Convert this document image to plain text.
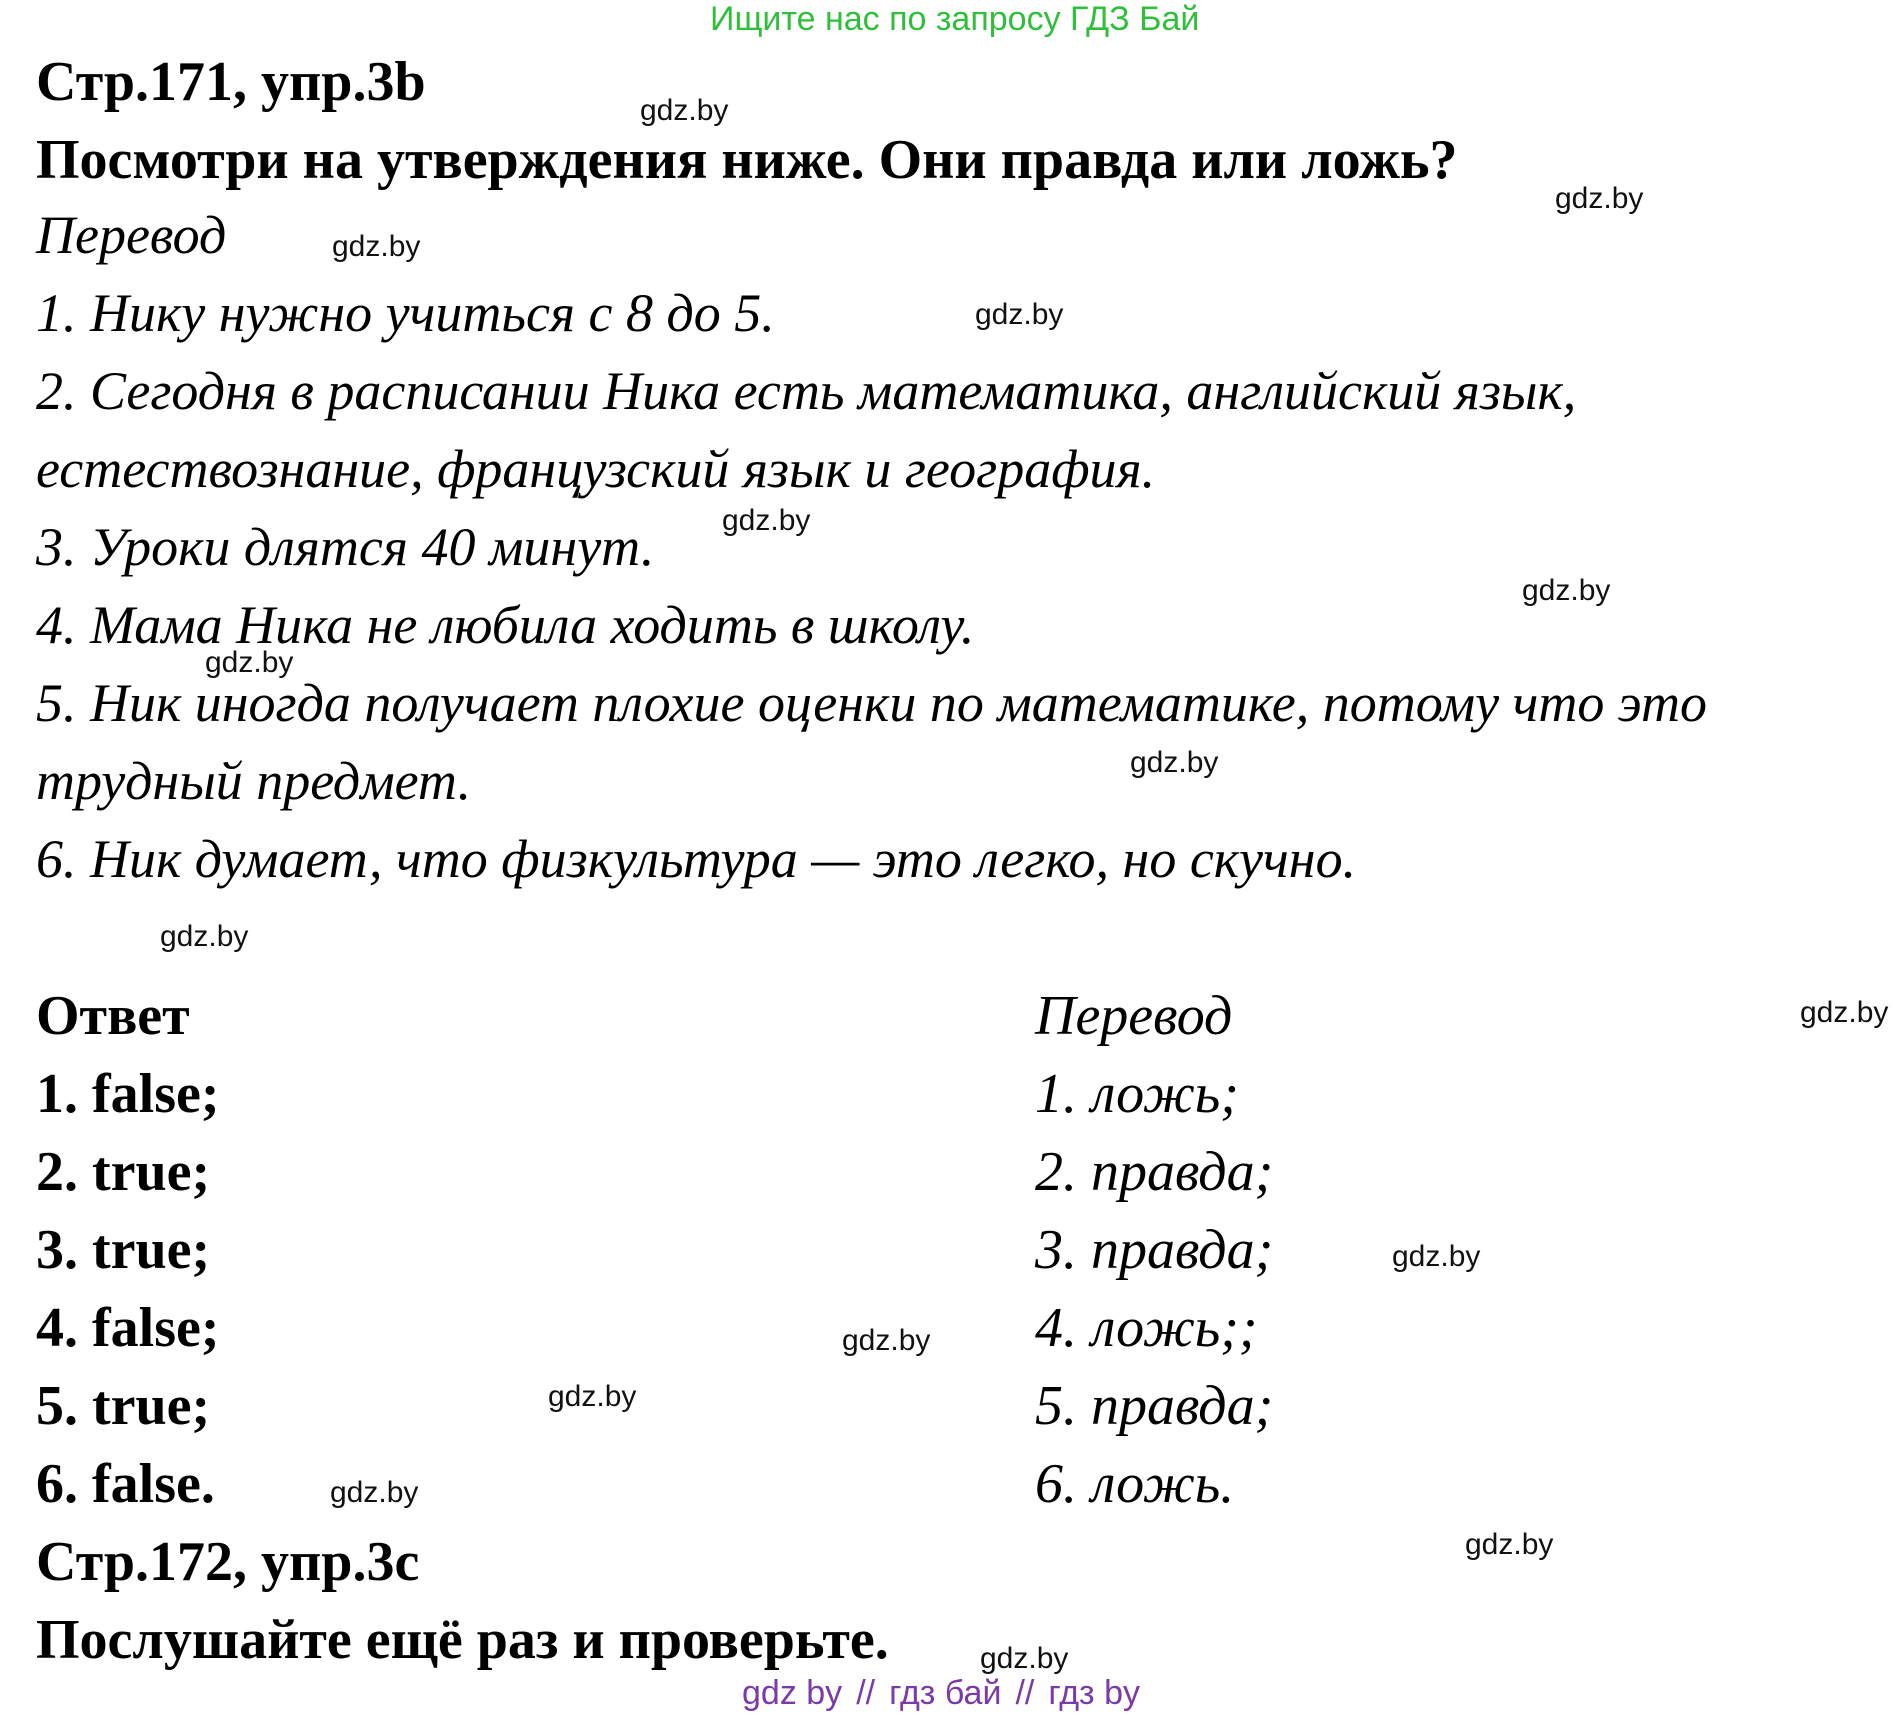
Ищите нас по запросу ГДЗ Бай
Стр.171, упр.3b
Посмотри на утверждения ниже. Они правда или ложь?
Перевод
1. Нику нужно учиться с 8 до 5.
2. Сегодня в расписании Ника есть математика, английский язык,
естествознание, французский язык и география.
3. Уроки длятся 40 минут.
4. Мама Ника не любила ходить в школу.
5. Ник иногда получает плохие оценки по математике, потому что это
трудный предмет.
6. Ник думает, что физкультура — это легко, но скучно.
Ответ	Перевод
1. false;	1. ложь;
2. true;	2. правда;
3. true;	3. правда;
4. false;	4. ложь;;
5. true;	5. правда;
6. false.	6. ложь.
Стр.172, упр.3c
Послушайте ещё раз и проверьте.
gdz.by
gdz.by
gdz.by
gdz.by
gdz.by
gdz.by
gdz.by
gdz.by
gdz.by
gdz.by
gdz.by
gdz.by
gdz.by
gdz.by
gdz.by
gdz.by
gdz by // гдз бай // гдз by
